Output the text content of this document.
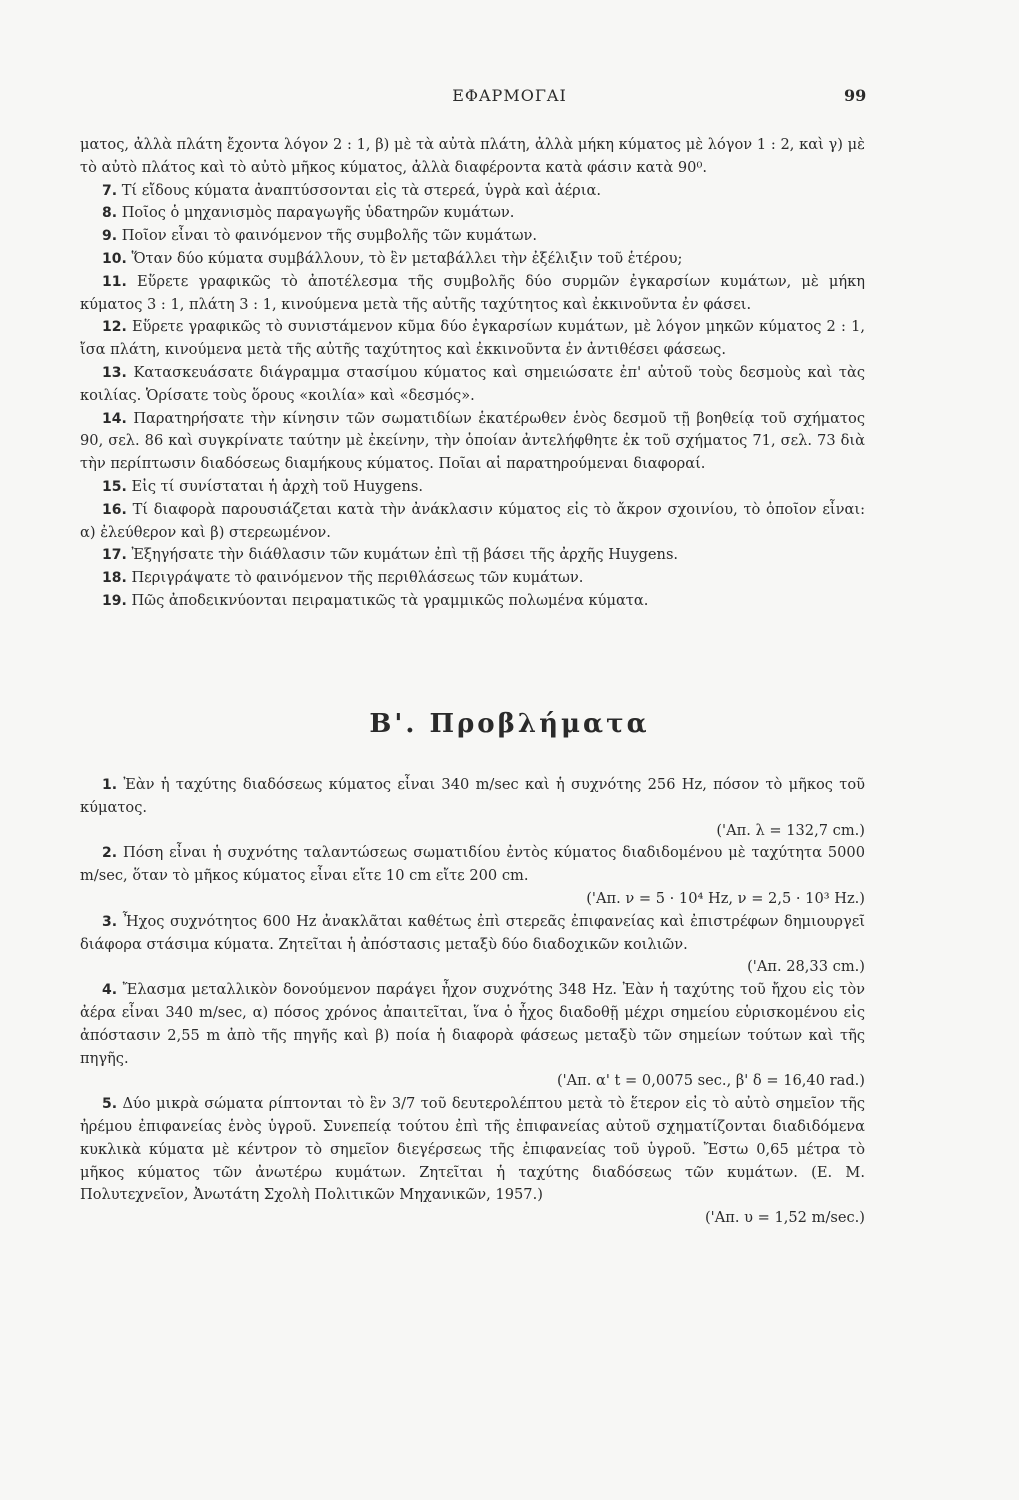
ΕΦΑΡΜΟΓΑΙ	99

ματος, ἀλλὰ πλάτη ἔχοντα λόγον 2 : 1, β) μὲ τὰ αὐτὰ πλάτη, ἀλλὰ μήκη κύματος μὲ λόγον 1 : 2, καὶ γ) μὲ τὸ αὐτὸ πλάτος καὶ τὸ αὐτὸ μῆκος κύματος, ἀλλὰ διαφέροντα κατὰ φάσιν κατὰ 90⁰.

7. Τί εἴδους κύματα ἀναπτύσσονται εἰς τὰ στερεά, ὑγρὰ καὶ ἀέρια.

8. Ποῖος ὁ μηχανισμὸς παραγωγῆς ὑδατηρῶν κυμάτων.

9. Ποῖον εἶναι τὸ φαινόμενον τῆς συμβολῆς τῶν κυμάτων.

10. Ὅταν δύο κύματα συμβάλλουν, τὸ ἓν μεταβάλλει τὴν ἐξέλιξιν τοῦ ἑτέρου;

11. Εὕρετε γραφικῶς τὸ ἀποτέλεσμα τῆς συμβολῆς δύο συρμῶν ἐγκαρσίων κυμάτων, μὲ μήκη κύματος 3 : 1, πλάτη 3 : 1, κινούμενα μετὰ τῆς αὐτῆς ταχύτητος καὶ ἐκκινοῦντα ἐν φάσει.

12. Εὕρετε γραφικῶς τὸ συνιστάμενον κῦμα δύο ἐγκαρσίων κυμάτων, μὲ λόγον μηκῶν κύματος 2 : 1, ἴσα πλάτη, κινούμενα μετὰ τῆς αὐτῆς ταχύτητος καὶ ἐκκινοῦντα ἐν ἀντιθέσει φάσεως.

13. Κατασκευάσατε διάγραμμα στασίμου κύματος καὶ σημειώσατε ἐπ' αὐτοῦ τοὺς δεσμοὺς καὶ τὰς κοιλίας. Ὁρίσατε τοὺς ὅρους «κοιλία» καὶ «δεσμός».

14. Παρατηρήσατε τὴν κίνησιν τῶν σωματιδίων ἑκατέρωθεν ἑνὸς δεσμοῦ τῇ βοηθείᾳ τοῦ σχήματος 90, σελ. 86 καὶ συγκρίνατε ταύτην μὲ ἐκείνην, τὴν ὁποίαν ἀντελήφθητε ἐκ τοῦ σχήματος 71, σελ. 73 διὰ τὴν περίπτωσιν διαδόσεως διαμήκους κύματος. Ποῖαι αἱ παρατηρούμεναι διαφοραί.

15. Εἰς τί συνίσταται ἡ ἀρχὴ τοῦ Huygens.

16. Τί διαφορὰ παρουσιάζεται κατὰ τὴν ἀνάκλασιν κύματος εἰς τὸ ἄκρον σχοινίου, τὸ ὁποῖον εἶναι: α) ἐλεύθερον καὶ β) στερεωμένον.

17. Ἐξηγήσατε τὴν διάθλασιν τῶν κυμάτων ἐπὶ τῇ βάσει τῆς ἀρχῆς Huygens.

18. Περιγράψατε τὸ φαινόμενον τῆς περιθλάσεως τῶν κυμάτων.

19. Πῶς ἀποδεικνύονται πειραματικῶς τὰ γραμμικῶς πολωμένα κύματα.

Β'. Προβλήματα

1. Ἐὰν ἡ ταχύτης διαδόσεως κύματος εἶναι 340 m/sec καὶ ἡ συχνότης 256 Hz, πόσον τὸ μῆκος τοῦ κύματος.

('Απ. λ = 132,7 cm.)

2. Πόση εἶναι ἡ συχνότης ταλαντώσεως σωματιδίου ἐντὸς κύματος διαδιδομένου μὲ ταχύτητα 5000 m/sec, ὅταν τὸ μῆκος κύματος εἶναι εἴτε 10 cm εἴτε 200 cm.

('Απ. ν = 5 · 10⁴ Hz, ν = 2,5 · 10³ Hz.)

3. Ἦχος συχνότητος 600 Hz ἀνακλᾶται καθέτως ἐπὶ στερεᾶς ἐπιφανείας καὶ ἐπιστρέφων δημιουργεῖ διάφορα στάσιμα κύματα. Ζητεῖται ἡ ἀπόστασις μεταξὺ δύο διαδοχικῶν κοιλιῶν.

('Απ. 28,33 cm.)

4. Ἔλασμα μεταλλικὸν δονούμενον παράγει ἦχον συχνότης 348 Hz. Ἐὰν ἡ ταχύτης τοῦ ἤχου εἰς τὸν ἀέρα εἶναι 340 m/sec, α) πόσος χρόνος ἀπαιτεῖται, ἵνα ὁ ἦχος διαδοθῇ μέχρι σημείου εὑρισκομένου εἰς ἀπόστασιν 2,55 m ἀπὸ τῆς πηγῆς καὶ β) ποία ἡ διαφορὰ φάσεως μεταξὺ τῶν σημείων τούτων καὶ τῆς πηγῆς.

('Απ. α' t = 0,0075 sec., β' δ = 16,40 rad.)

5. Δύο μικρὰ σώματα ρίπτονται τὸ ἓν 3/7 τοῦ δευτερολέπτου μετὰ τὸ ἕτερον εἰς τὸ αὐτὸ σημεῖον τῆς ἠρέμου ἐπιφανείας ἑνὸς ὑγροῦ. Συνεπείᾳ τούτου ἐπὶ τῆς ἐπιφανείας αὐτοῦ σχηματίζονται διαδιδόμενα κυκλικὰ κύματα μὲ κέντρον τὸ σημεῖον διεγέρσεως τῆς ἐπιφανείας τοῦ ὑγροῦ. Ἔστω 0,65 μέτρα τὸ μῆκος κύματος τῶν ἀνωτέρω κυμάτων. Ζητεῖται ἡ ταχύτης διαδόσεως τῶν κυμάτων. (Ε. Μ. Πολυτεχνεῖον, Ἀνωτάτη Σχολὴ Πολιτικῶν Μηχανικῶν, 1957.)

('Απ. υ = 1,52 m/sec.)
